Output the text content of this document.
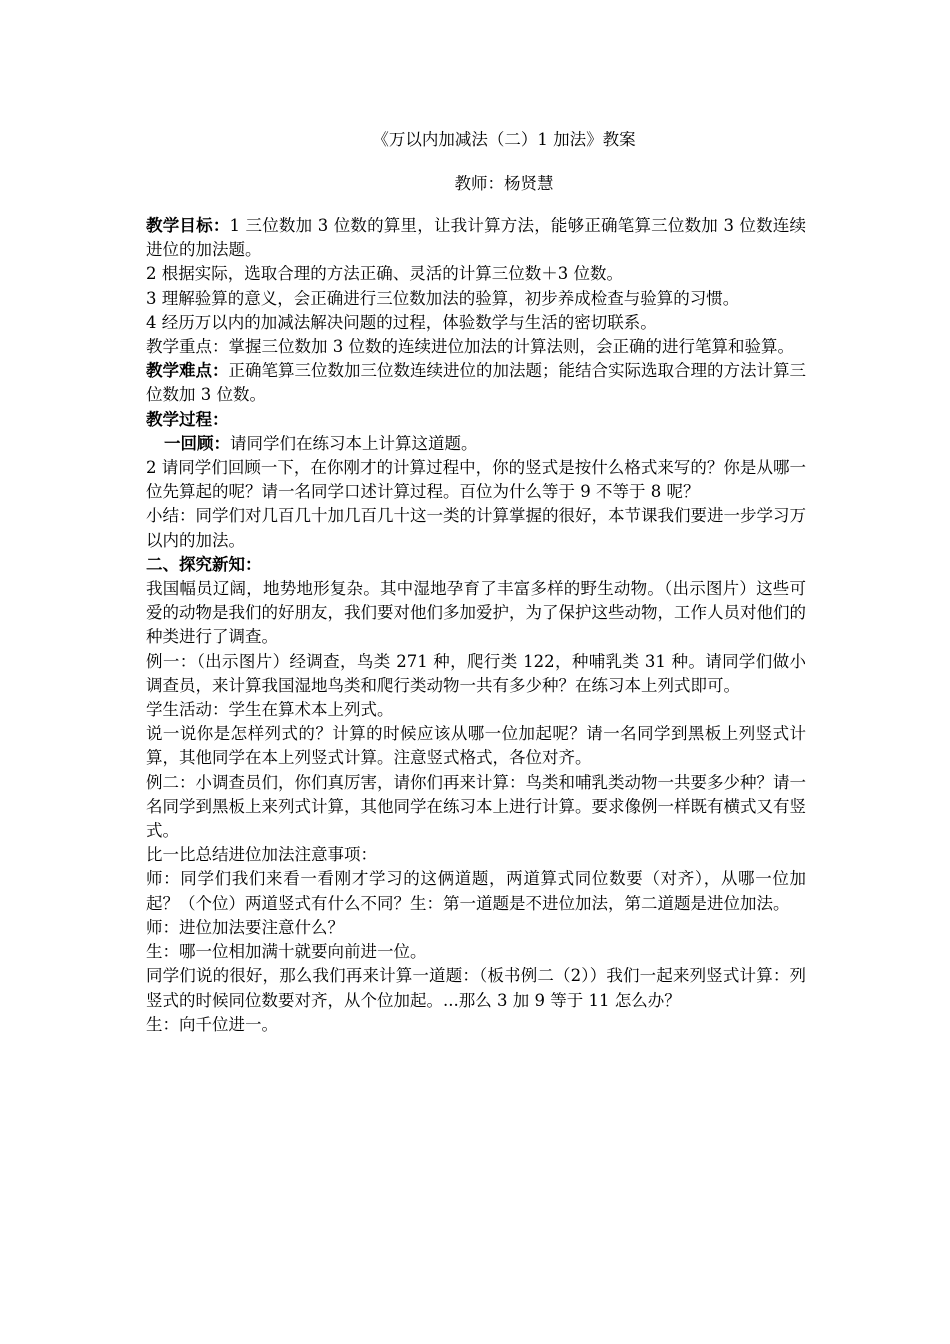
《万以内加减法（二）1 加法》教案
教师：杨贤慧

教学目标：1 三位数加 3 位数的算里，让我计算方法，能够正确笔算三位数加 3 位数连续进位的加法题。

2 根据实际，选取合理的方法正确、灵活的计算三位数＋3 位数。

3 理解验算的意义，会正确进行三位数加法的验算，初步养成检查与验算的习惯。

4 经历万以内的加减法解决问题的过程，体验数学与生活的密切联系。

教学重点：掌握三位数加 3 位数的连续进位加法的计算法则，会正确的进行笔算和验算。

教学难点：正确笔算三位数加三位数连续进位的加法题；能结合实际选取合理的方法计算三位数加 3 位数。

教学过程：

一回顾：请同学们在练习本上计算这道题。

2 请同学们回顾一下，在你刚才的计算过程中，你的竖式是按什么格式来写的？你是从哪一位先算起的呢？请一名同学口述计算过程。百位为什么等于 9 不等于 8 呢？

小结：同学们对几百几十加几百几十这一类的计算掌握的很好，本节课我们要进一步学习万以内的加法。

二、探究新知：

我国幅员辽阔，地势地形复杂。其中湿地孕育了丰富多样的野生动物。（出示图片）这些可爱的动物是我们的好朋友，我们要对他们多加爱护，为了保护这些动物，工作人员对他们的种类进行了调查。

例一：（出示图片）经调查，鸟类 271 种，爬行类 122，种哺乳类 31 种。请同学们做小调查员，来计算我国湿地鸟类和爬行类动物一共有多少种？在练习本上列式即可。

学生活动：学生在算术本上列式。

说一说你是怎样列式的？计算的时候应该从哪一位加起呢？请一名同学到黑板上列竖式计算，其他同学在本上列竖式计算。注意竖式格式，各位对齐。

例二：小调查员们，你们真厉害，请你们再来计算：鸟类和哺乳类动物一共要多少种？请一名同学到黑板上来列式计算，其他同学在练习本上进行计算。要求像例一样既有横式又有竖式。

比一比总结进位加法注意事项：

师：同学们我们来看一看刚才学习的这俩道题，两道算式同位数要（对齐），从哪一位加起？（个位）两道竖式有什么不同？生：第一道题是不进位加法，第二道题是进位加法。

师：进位加法要注意什么？

生：哪一位相加满十就要向前进一位。

同学们说的很好，那么我们再来计算一道题：（板书例二（2））我们一起来列竖式计算：列竖式的时候同位数要对齐，从个位加起。...那么 3 加 9 等于 11 怎么办？

生：向千位进一。
